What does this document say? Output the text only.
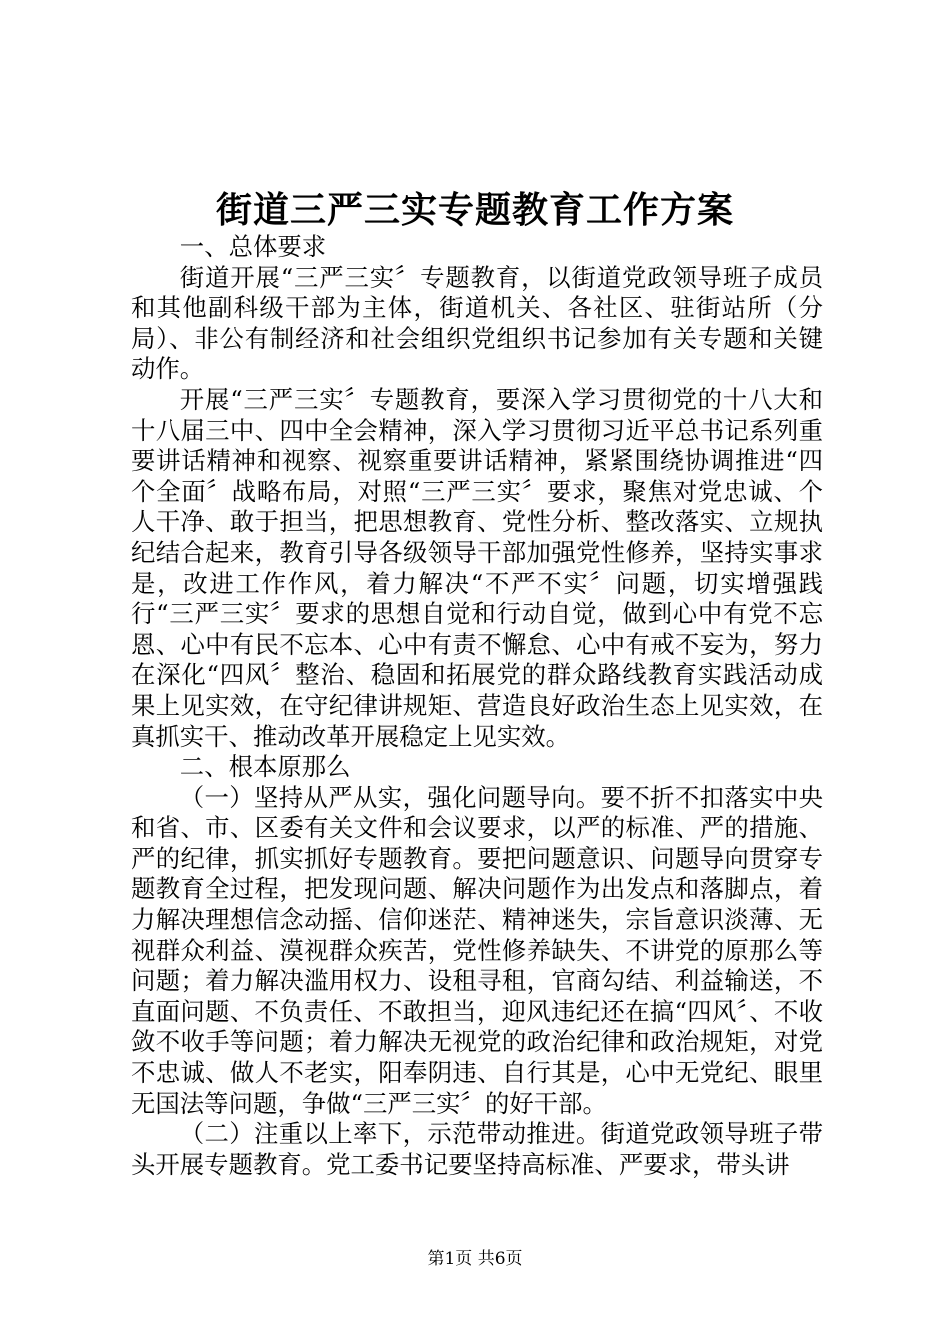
街道三严三实专题教育工作方案

一、总体要求

街道开展“三严三实〞专题教育，以街道党政领导班子成员和其他副科级干部为主体，街道机关、各社区、驻街站所（分局）、非公有制经济和社会组织党组织书记参加有关专题和关键动作。

开展“三严三实〞专题教育，要深入学习贯彻党的十八大和十八届三中、四中全会精神，深入学习贯彻习近平总书记系列重要讲话精神和视察、视察重要讲话精神，紧紧围绕协调推进“四个全面〞战略布局，对照“三严三实〞要求，聚焦对党忠诚、个人干净、敢于担当，把思想教育、党性分析、整改落实、立规执纪结合起来，教育引导各级领导干部加强党性修养，坚持实事求是，改进工作作风，着力解决“不严不实〞问题，切实增强践行“三严三实〞要求的思想自觉和行动自觉，做到心中有党不忘恩、心中有民不忘本、心中有责不懈怠、心中有戒不妄为，努力在深化“四风〞整治、稳固和拓展党的群众路线教育实践活动成果上见实效，在守纪律讲规矩、营造良好政治生态上见实效，在真抓实干、推动改革开展稳定上见实效。

二、根本原那么

（一）坚持从严从实，强化问题导向。要不折不扣落实中央和省、市、区委有关文件和会议要求，以严的标准、严的措施、严的纪律，抓实抓好专题教育。要把问题意识、问题导向贯穿专题教育全过程，把发现问题、解决问题作为出发点和落脚点，着力解决理想信念动摇、信仰迷茫、精神迷失，宗旨意识淡薄、无视群众利益、漠视群众疾苦，党性修养缺失、不讲党的原那么等问题；着力解决滥用权力、设租寻租，官商勾结、利益输送，不直面问题、不负责任、不敢担当，迎风违纪还在搞“四风〞、不收敛不收手等问题；着力解决无视党的政治纪律和政治规矩，对党不忠诚、做人不老实，阳奉阴违、自行其是，心中无党纪、眼里无国法等问题，争做“三严三实〞的好干部。

（二）注重以上率下，示范带动推进。街道党政领导班子带头开展专题教育。党工委书记要坚持高标准、严要求，带头讲

第1页 共6页
